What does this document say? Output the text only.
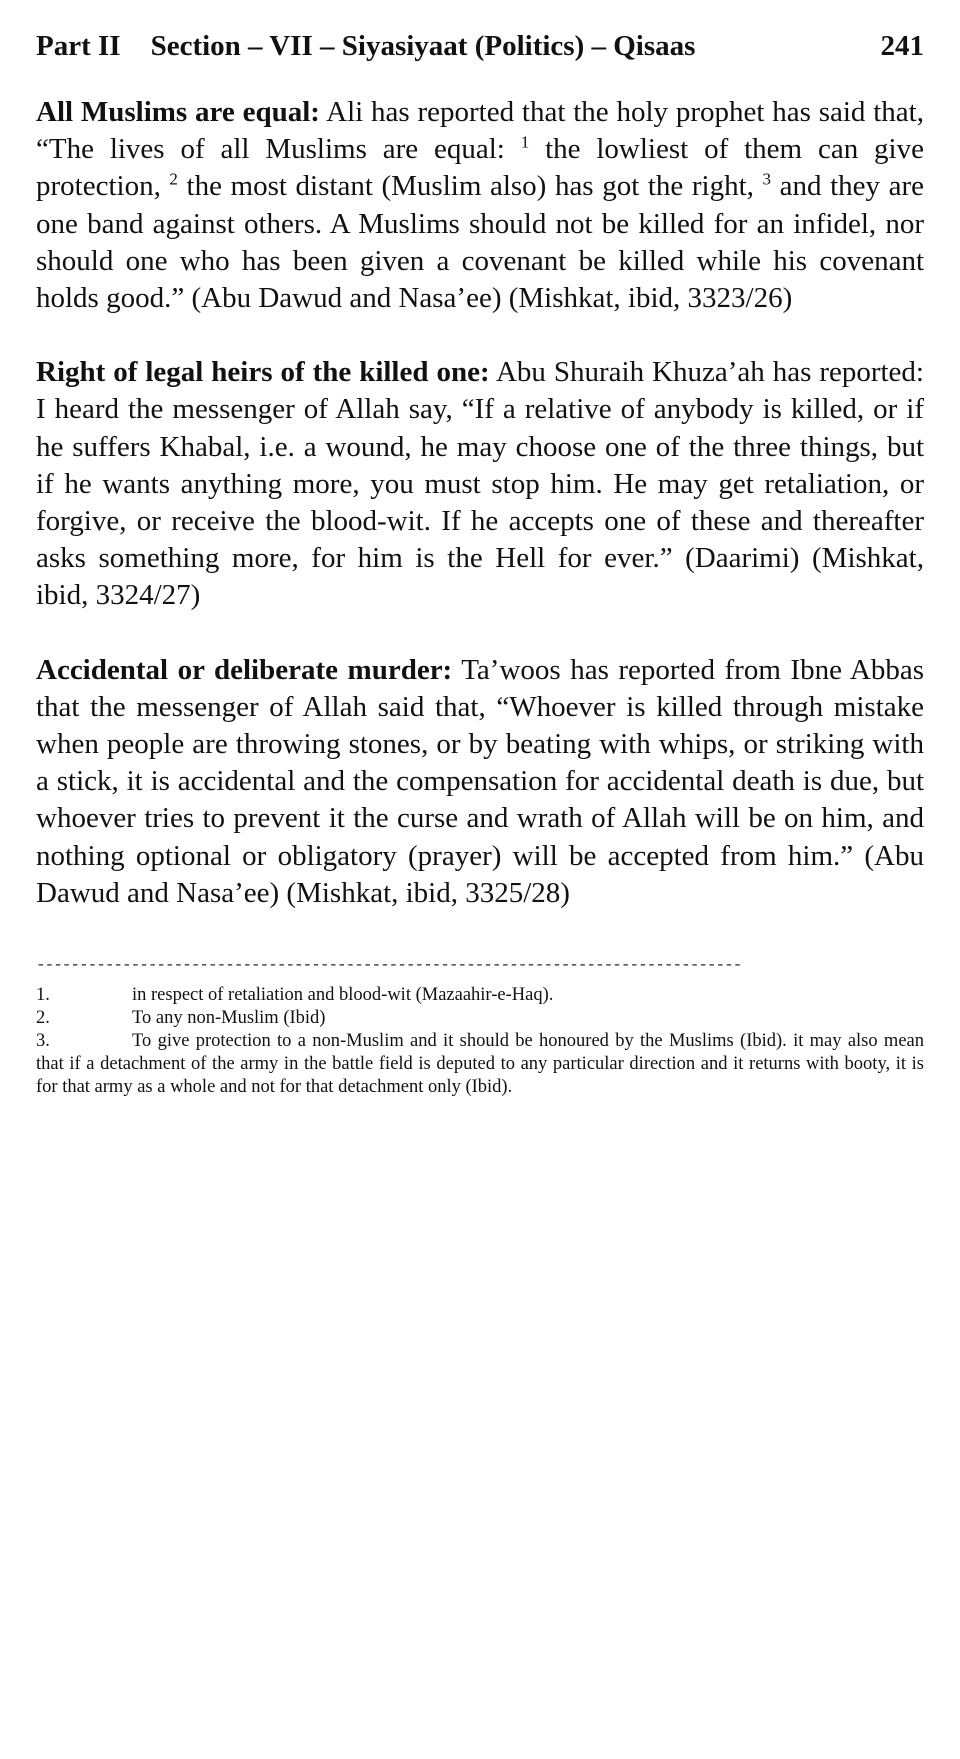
Part II Section – VII – Siyasiyaat (Politics) – Qisaas	241

All Muslims are equal: Ali has reported that the holy prophet has said that, “The lives of all Muslims are equal: $^1$ the lowliest of them can give protection, $^2$ the most distant (Muslim also) has got the right, $^3$ and they are one band against others. A Muslims should not be killed for an infidel, nor should one who has been given a covenant be killed while his covenant holds good.” (Abu Dawud and Nasa’ee) (Mishkat, ibid, 3323/26)

Right of legal heirs of the killed one: Abu Shuraih Khuza’ah has reported: I heard the messenger of Allah say, “If a relative of anybody is killed, or if he suffers Khabal, i.e. a wound, he may choose one of the three things, but if he wants anything more, you must stop him. He may get retaliation, or forgive, or receive the blood-wit. If he accepts one of these and thereafter asks something more, for him is the Hell for ever.” (Daarimi) (Mishkat, ibid, 3324/27)

Accidental or deliberate murder: Ta’woos has reported from Ibne Abbas that the messenger of Allah said that, “Whoever is killed through mistake when people are throwing stones, or by beating with whips, or striking with a stick, it is accidental and the compensation for accidental death is due, but whoever tries to prevent it the curse and wrath of Allah will be on him, and nothing optional or obligatory (prayer) will be accepted from him.” (Abu Dawud and Nasa’ee) (Mishkat, ibid, 3325/28)

----------------------------------------------------------------------------------
1.	in respect of retaliation and blood-wit (Mazaahir-e-Haq).
2.	To any non-Muslim (Ibid)
3.	To give protection to a non-Muslim and it should be honoured by the Muslims (Ibid). it may also mean that if a detachment of the army in the battle field is deputed to any particular direction and it returns with booty, it is for that army as a whole and not for that detachment only (Ibid).
